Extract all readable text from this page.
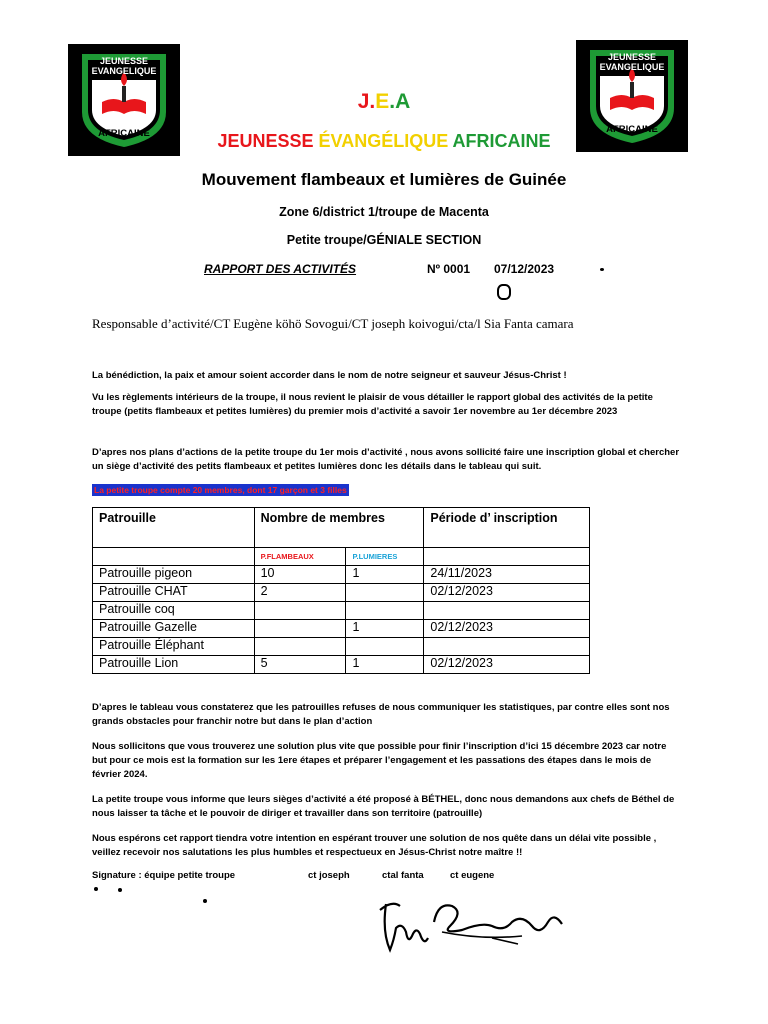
JEUNESSE
EVANGELIQUE
AFRICAINE
JEUNESSE
EVANGELIQUE
AFRICAINE
J.E.A
JEUNESSE ÉVANGÉLIQUE AFRICAINE
Mouvement flambeaux et lumières de Guinée
Zone 6/district 1/troupe de Macenta
Petite troupe/GÉNIALE SECTION
RAPPORT DES ACTIVITÉS	Nº 0001 07/12/2023
Responsable d’activité/CT Eugène köhö Sovogui/CT joseph koivogui/cta/l Sia Fanta camara
La bénédiction, la paix et amour soient accorder dans le nom de notre seigneur et sauveur Jésus-Christ !
Vu les règlements intérieurs de la troupe, il nous revient le plaisir de vous détailler le rapport global des activités de la petite troupe (petits flambeaux et petites lumières) du premier mois d’activité a savoir 1er novembre au 1er décembre 2023
D’apres nos plans d’actions de la petite troupe du 1er mois d’activité , nous avons sollicité faire une inscription global et chercher un siège d’activité des petits flambeaux et petites lumières donc les détails dans le tableau qui suit.
La petite troupe compte 20 membres, dont 17 garçon et 3 filles
Patrouille	Nombre de membres		Période d’ inscription
	P.FLAMBEAUX	P.LUMIERES	
Patrouille pigeon	10	1	24/11/2023
Patrouille CHAT	2		02/12/2023
Patrouille coq			
Patrouille Gazelle		1	02/12/2023
Patrouille Éléphant			
Patrouille Lion	5	1	02/12/2023
D’apres le tableau vous constaterez que les patrouilles refuses de nous communiquer les statistiques, par contre elles sont nos grands obstacles pour franchir notre but dans le plan d’action
Nous sollicitons que vous trouverez une solution plus vite que possible pour finir l’inscription d’ici 15 décembre 2023 car notre but pour ce mois est la formation sur les 1ere étapes et préparer l’engagement et les passations des étapes dans le mois de février 2024.
La petite troupe vous informe que leurs sièges d’activité a été proposé à BÉTHEL, donc nous demandons aux chefs de Béthel de nous laisser ta tâche et le pouvoir de diriger et travailler dans son territoire (patrouille)
Nous espérons cet rapport tiendra votre intention en espérant trouver une solution de nos quête dans un délai vite possible , veillez recevoir nos salutations les plus humbles et respectueux en Jésus-Christ notre maître !!
Signature : équipe petite troupe	ct joseph	ctal fanta	ct eugene
